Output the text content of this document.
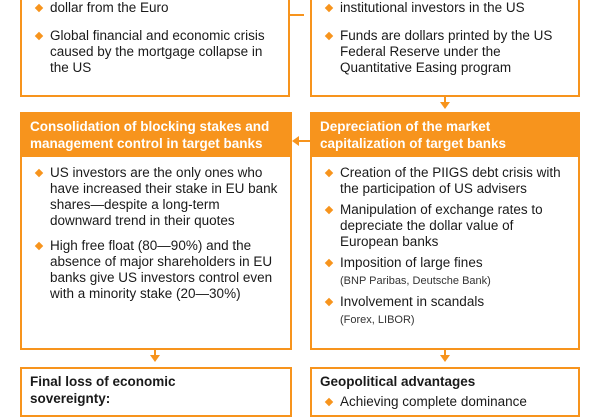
dollar from the Euro
Global financial and economic crisis caused by the mortgage collapse in the US
institutional investors in the US
Funds are dollars printed by the US Federal Reserve under the Quantitative Easing program
Consolidation of blocking stakes and management control in target banks
US investors are the only ones who have increased their stake in EU bank shares—despite a long-term downward trend in their quotes
High free float (80—90%) and the absence of major shareholders in EU banks give US investors control even with a minority stake (20—30%)
Depreciation of the market capitalization of target banks
Creation of the PIIGS debt crisis with the participation of US advisers
Manipulation of exchange rates to depreciate the dollar value of European banks
Imposition of large fines
(BNP Paribas, Deutsche Bank)
Involvement in scandals
(Forex, LIBOR)
Final loss of economic sovereignty:
Geopolitical advantages
Achieving complete dominance
